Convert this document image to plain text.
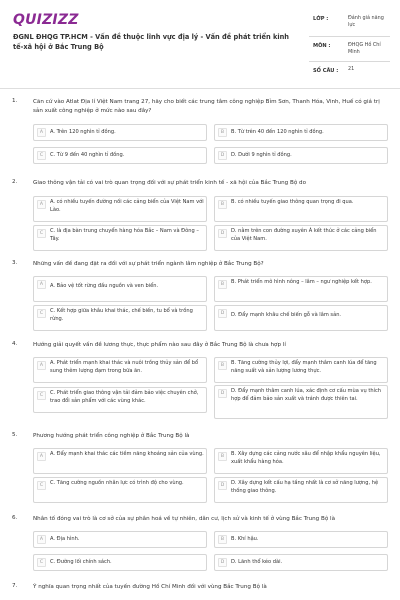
QUIZIZZ
ĐGNL ĐHQG TP.HCM - Vấn đề thuộc lĩnh vực địa lý - Vấn đề phát triển kinh tế-xã hội ở Bắc Trung Bộ
LỚP :	Đánh giá năng lực
MÔN :	ĐHQG Hồ Chí Minh
SỐ CÂU : 21
1.	Căn cứ vào Atlat Địa lí Việt Nam trang 27, hãy cho biết các trung tâm công nghiệp Bỉm Sơn, Thanh Hóa, Vinh, Huế có giá trị sản xuất công nghiệp ở mức nào sau đây?
A	A. Trên 120 nghìn tỉ đồng.	B	B. Từ trên 40 đến 120 nghìn tỉ đồng.
C	C. Từ 9 đến 40 nghìn tỉ đồng.	D	D. Dưới 9 nghìn tỉ đồng.
2.	Giao thông vận tải có vai trò quan trọng đối với sự phát triển kinh tế - xã hội của Bắc Trung Bộ do
A	A. có nhiều tuyến đường nối các cảng biển của Việt Nam với Lào.
B	B. có nhiều tuyến giao thông quan trọng đi qua.
C	C. là địa bàn trung chuyển hàng hóa Bắc – Nam và Đông – Tây.
D	D. nằm trên con đường xuyên Á kết thúc ở các cảng biển của Việt Nam.
3.	Những vấn đề đang đặt ra đối với sự phát triển ngành lâm nghiệp ở Bắc Trung Bộ?
A	A. Bảo vệ tốt rừng đầu nguồn và ven biển.	B	B. Phát triển mô hình nông – lâm – ngư nghiệp kết hợp.
C	C. Kết hợp giữa khâu khai thác, chế biến, tu bổ và trồng rừng.
D	D. Đẩy mạnh khâu chế biến gỗ và lâm sản.
4.	Hướng giải quyết vấn đề lương thực, thực phẩm nào sau đây ở Bắc Trung Bộ là chưa hợp lí
A	A. Phát triển mạnh khai thác và nuôi trồng thủy sản để bổ sung thêm lượng đạm trong bữa ăn.
B	B. Tăng cường thủy lợi, đẩy mạnh thâm canh lúa để tăng năng suất và sản lượng lương thực.
C	C. Phát triển giao thông vận tải đảm bảo việc chuyên chở, trao đổi sản phẩm với các vùng khác.
D	D. Đẩy mạnh thâm canh lúa, xác định cơ cấu mùa vụ thích hợp để đảm bảo sản xuất và tránh được thiên tai.
5.	Phương hướng phát triển công nghiệp ở Bắc Trung Bộ là
A	A. Đẩy mạnh khai thác các tiềm năng khoáng sản của vùng.	B	B. Xây dựng các cảng nước sâu để nhập khẩu nguyên liệu, xuất khẩu hàng hóa.
C	C. Tăng cường nguồn nhân lực có trình độ cho vùng.	D	D. Xây dựng kết cấu hạ tầng nhất là cơ sở năng lượng, hệ thống giao thông.
6.	Nhân tố đóng vai trò là cơ sở của sự phân hoá về tự nhiên, dân cư, lịch sử và kinh tế ở vùng Bắc Trung Bộ là
A	A. Địa hình.	B	B. Khí hậu.
C	C. Đường lối chính sách.	D	D. Lãnh thổ kéo dài.
7.	Ý nghĩa quan trọng nhất của tuyến đường Hồ Chí Minh đối với vùng Bắc Trung Bộ là
